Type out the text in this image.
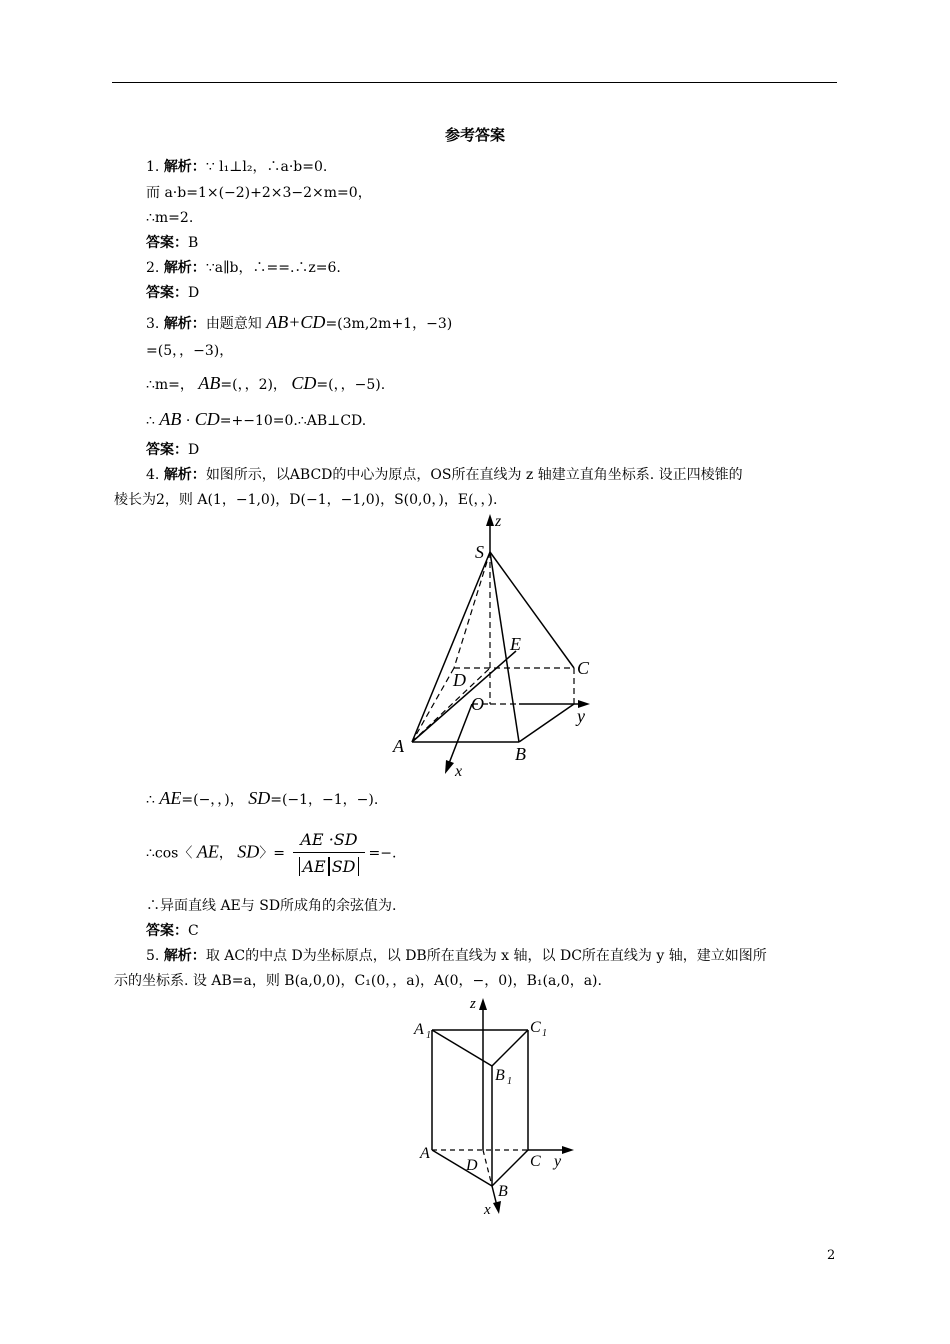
参考答案
1. 解析：∵ l₁⊥l₂，∴a·b=0.
而 a·b=1×(−2)+2×3−2×m=0，
∴m=2.
答案：B
2. 解析：∵a∥b，∴==.∴z=6.
答案：D
3. 解析：由题意知 AB+CD=(3m,2m+1，−3)
=(5，，−3)，
∴m=， AB=(，，2)， CD=(，，−5).
∴ AB · CD=+−10=0.∴AB⊥CD.
答案：D
4. 解析：如图所示，以ABCD的中心为原点，OS所在直线为 z 轴建立直角坐标系. 设正四棱锥的
棱长为2，则 A(1，−1,0)，D(−1，−1,0)，S(0,0，)，E(，，).
z
S
E
C
D
O
y
A	B
x
∴ AE=(−，，)， SD=(−1，−1，−).
∴cos〈 AE， SD〉= $\frac{AE \cdot SD}{\text{AE SD}}$ =−.
∴异面直线 AE与 SD所成角的余弦值为.
答案：C
5. 解析：取 AC的中点 D为坐标原点，以 DB所在直线为 x 轴，以 DC所在直线为 y 轴，建立如图所
示的坐标系. 设 AB=a，则 B(a,0,0)，C₁(0，，a)，A(0，−，0)，B₁(a,0，a).
z
A 1	C 1
B 1
A
D	C y
B
x
2
